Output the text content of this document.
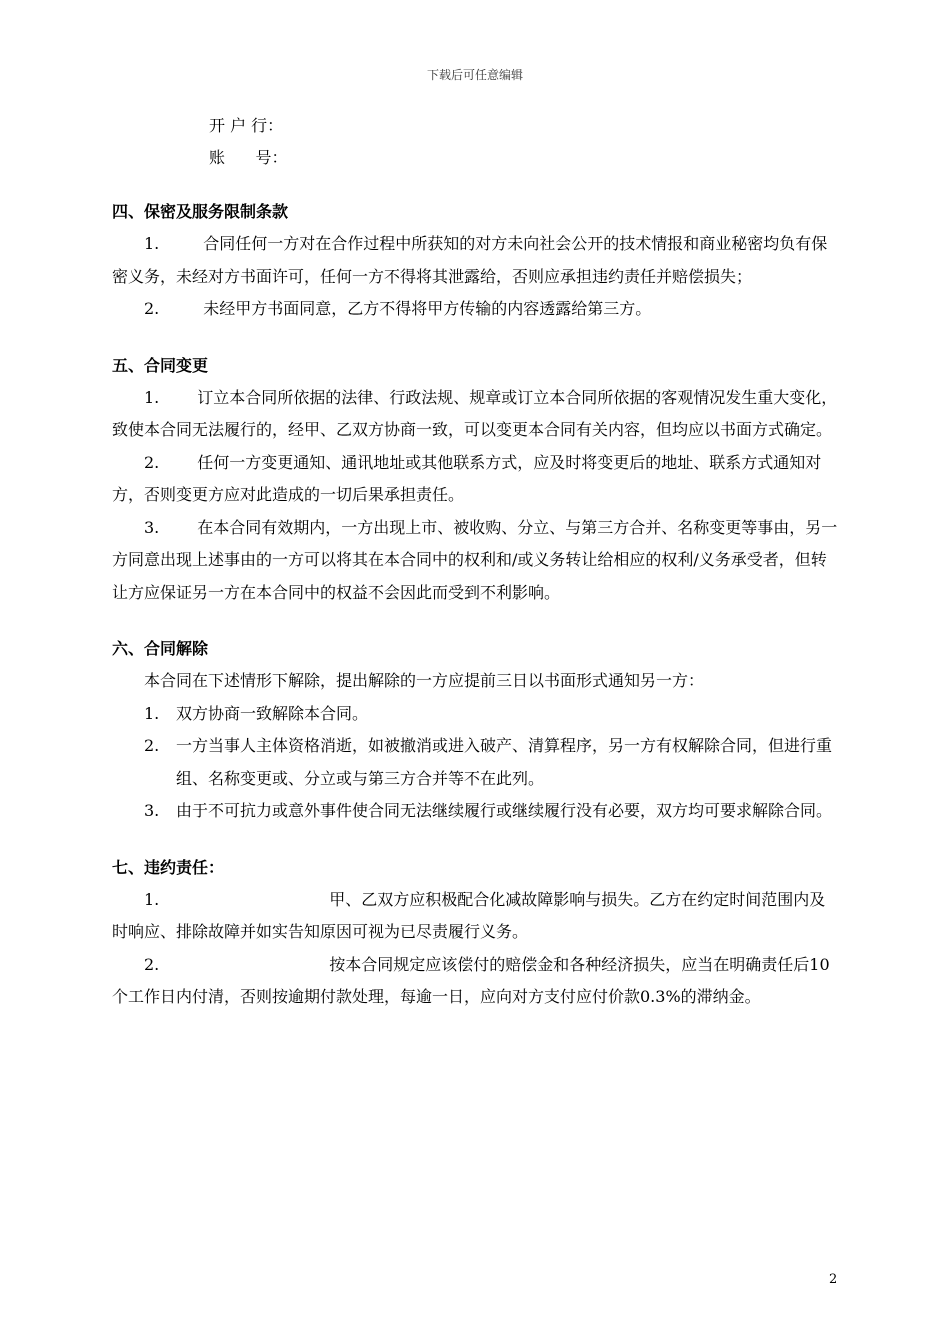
下载后可任意编辑
开 户 行：
账      号：
四、保密及服务限制条款
1.	合同任何一方对在合作过程中所获知的对方未向社会公开的技术情报和商业秘密均负有保密义务，未经对方书面许可，任何一方不得将其泄露给，否则应承担违约责任并赔偿损失；
2.	未经甲方书面同意，乙方不得将甲方传输的内容透露给第三方。
五、合同变更
1. 订立本合同所依据的法律、行政法规、规章或订立本合同所依据的客观情况发生重大变化，致使本合同无法履行的，经甲、乙双方协商一致，可以变更本合同有关内容，但均应以书面方式确定。
2. 任何一方变更通知、通讯地址或其他联系方式，应及时将变更后的地址、联系方式通知对方，否则变更方应对此造成的一切后果承担责任。
3. 在本合同有效期内，一方出现上市、被收购、分立、与第三方合并、名称变更等事由，另一方同意出现上述事由的一方可以将其在本合同中的权利和/或义务转让给相应的权利/义务承受者，但转让方应保证另一方在本合同中的权益不会因此而受到不利影响。
六、合同解除
本合同在下述情形下解除，提出解除的一方应提前三日以书面形式通知另一方：
1.	双方协商一致解除本合同。
2.	一方当事人主体资格消逝，如被撤消或进入破产、清算程序，另一方有权解除合同，但进行重组、名称变更或、分立或与第三方合并等不在此列。
3.	由于不可抗力或意外事件使合同无法继续履行或继续履行没有必要，双方均可要求解除合同。
七、违约责任：
1.	甲、乙双方应积极配合化减故障影响与损失。乙方在约定时间范围内及时响应、排除故障并如实告知原因可视为已尽责履行义务。
2.	按本合同规定应该偿付的赔偿金和各种经济损失，应当在明确责任后10个工作日内付清，否则按逾期付款处理，每逾一日，应向对方支付应付价款0.3%的滞纳金。
2
